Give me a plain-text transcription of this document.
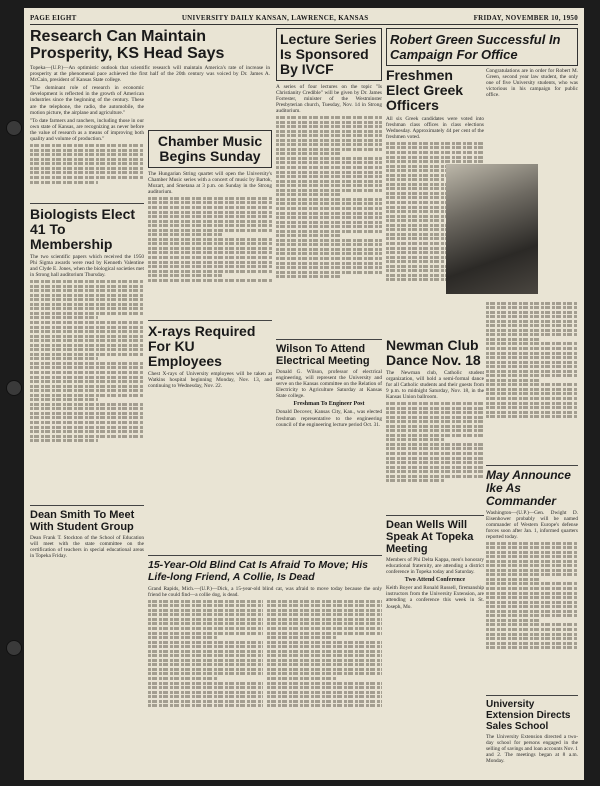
PAGE EIGHT	UNIVERSITY DAILY KANSAN, LAWRENCE, KANSAS	FRIDAY, NOVEMBER 10, 1950
Research Can Maintain Prosperity, KS Head Says
Topeka—(U.P.)—An optimistic outlook that scientific research will maintain America's rate of increase in prosperity at the phenomenal pace achieved the first half of the 20th century was voiced by Dr. James A. McCain, president of Kansas State college.
"The dominant role of research in economic development is reflected in the growth of American industries since the beginning of the century. These are the telephone, the radio, the automobile, the motion picture, the airplane and agriculture."
"To date farmers and ranchers, including those in our own state of Kansas, are recognizing as never before the value of research as a means of improving both quality and volume of production."
Biologists Elect 41 To Membership
The two scientific papers which received the 1950 Phi Sigma awards were read by Kenneth Valentine and Clyde E. Jones, when the biological societies met in Strong hall auditorium Thursday.
Dean Smith To Meet With Student Group
Dean Frank T. Stockton of the School of Education will meet with the state committee on the certification of teachers in special educational areas in Topeka Friday.
Chamber Music Begins Sunday
The Hungarian String quartet will open the University's Chamber Music series with a concert of music by Bartok, Mozart, and Smetana at 3 p.m. on Sunday in the Strong auditorium.
X-rays Required For KU Employees
Chest X-rays of University employees will be taken at Watkins hospital beginning Monday, Nov. 13, and continuing to Wednesday, Nov. 22.
Lecture Series Is Sponsored By IVCF
A series of four lectures on the topic "Is Christianity Credible" will be given by Dr. James Forrester, minister of the Westminster Presbyterian church, Tuesday, Nov. 14 in Strong auditorium.
Wilson To Attend Electrical Meeting
Donald G. Wilson, professor of electrical engineering, will represent the University and serve on the Kansas committee on the Relation of Electricity to Agriculture Saturday at Kansas State college.
Freshman To Engineer Post
Donald Decover, Kansas City, Kan., was elected freshman representative to the engineering council of the engineering lecture period Oct. 31.
15-Year-Old Blind Cat Is Afraid To Move; His Life-long Friend, A Collie, Is Dead
Grand Rapids, Mich.—(U.P.)—Dick, a 15-year-old blind cat, was afraid to move today because the only friend he could find—a collie dog, is dead.
Robert Green Successful In Campaign For Office
Freshmen Elect Greek Officers
All six Greek candidates were voted into freshman class offices in class elections Wednesday. Approximately 44 per cent of the freshmen voted.
Congratulations are in order for Robert M. Green, second year law student, the only one of five University students, who was victorious in his campaign for public office.
Newman Club Dance Nov. 18
The Newman club, Catholic student organization, will hold a semi-formal dance for all Catholic students and their guests from 9 p.m. to midnight Saturday, Nov. 18, in the Kansas Union ballroom.
Dean Wells Will Speak At Topeka Meeting
Members of Phi Delta Kappa, men's honorary educational fraternity, are attending a district conference in Topeka today and Saturday.
Two Attend Conference
Keith Boyer and Ronald Russell, firemanship instructors from the University Extension, are attending a conference this week in St. Joseph, Mo.
May Announce Ike As Commander
Washington—(U.P.)—Gen. Dwight D. Eisenhower probably will be named commander of Western Europe's defense forces soon after Jan. 1, informed quarters reported today.
University Extension Directs Sales School
The University Extension directed a two-day school for persons engaged in the selling of savings and loan accounts Nov. 1 and 2. The meetings began at 8 a.m. Monday.
